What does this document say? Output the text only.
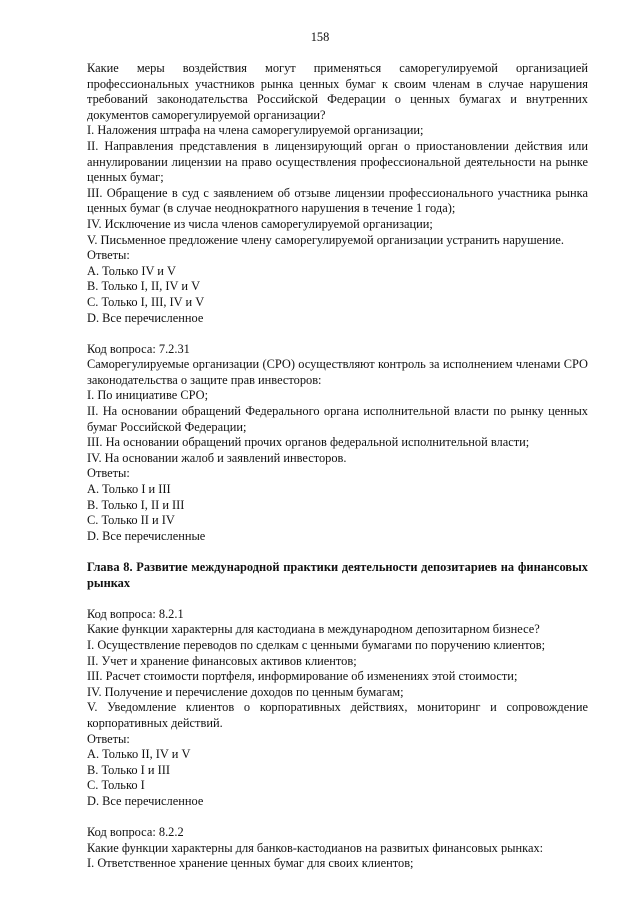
158

Какие меры воздействия могут применяться саморегулируемой организацией профессиональных участников рынка ценных бумаг к своим членам в случае нарушения требований законодательства Российской Федерации о ценных бумагах и внутренних документов саморегулируемой организации?

I. Наложения штрафа на члена саморегулируемой организации;

II. Направления представления в лицензирующий орган о приостановлении действия или аннулировании лицензии на право осуществления профессиональной деятельности на рынке ценных бумаг;

III. Обращение в суд с заявлением об отзыве лицензии профессионального участника рынка ценных бумаг (в случае неоднократного нарушения в течение 1 года);

IV. Исключение из числа членов саморегулируемой организации;

V. Письменное предложение члену саморегулируемой организации устранить нарушение.

Ответы:

A. Только IV и V

B. Только I, II, IV и V

C. Только I, III, IV и V

D. Все перечисленное

Код вопроса: 7.2.31

Саморегулируемые организации (СРО) осуществляют контроль за исполнением членами СРО законодательства о защите прав инвесторов:

I. По инициативе СРО;

II. На основании обращений Федерального органа исполнительной власти по рынку ценных бумаг Российской Федерации;

III. На основании обращений прочих органов федеральной исполнительной власти;

IV. На основании жалоб и заявлений инвесторов.

Ответы:

A. Только I и III

B. Только I, II и III

C. Только II и IV

D. Все перечисленные

Глава 8. Развитие международной практики деятельности депозитариев на финансовых рынках

Код вопроса: 8.2.1

Какие функции характерны для кастодиана в международном депозитарном бизнесе?

I. Осуществление переводов по сделкам с ценными бумагами по поручению клиентов;

II. Учет и хранение финансовых активов клиентов;

III. Расчет стоимости портфеля, информирование об изменениях этой стоимости;

IV. Получение и перечисление доходов по ценным бумагам;

V. Уведомление клиентов о корпоративных действиях, мониторинг и сопровождение корпоративных действий.

Ответы:

A. Только II, IV и V

B. Только I и III

C. Только I

D. Все перечисленное

Код вопроса: 8.2.2

Какие функции характерны для банков-кастодианов на развитых финансовых рынках:

I. Ответственное хранение ценных бумаг для своих клиентов;
